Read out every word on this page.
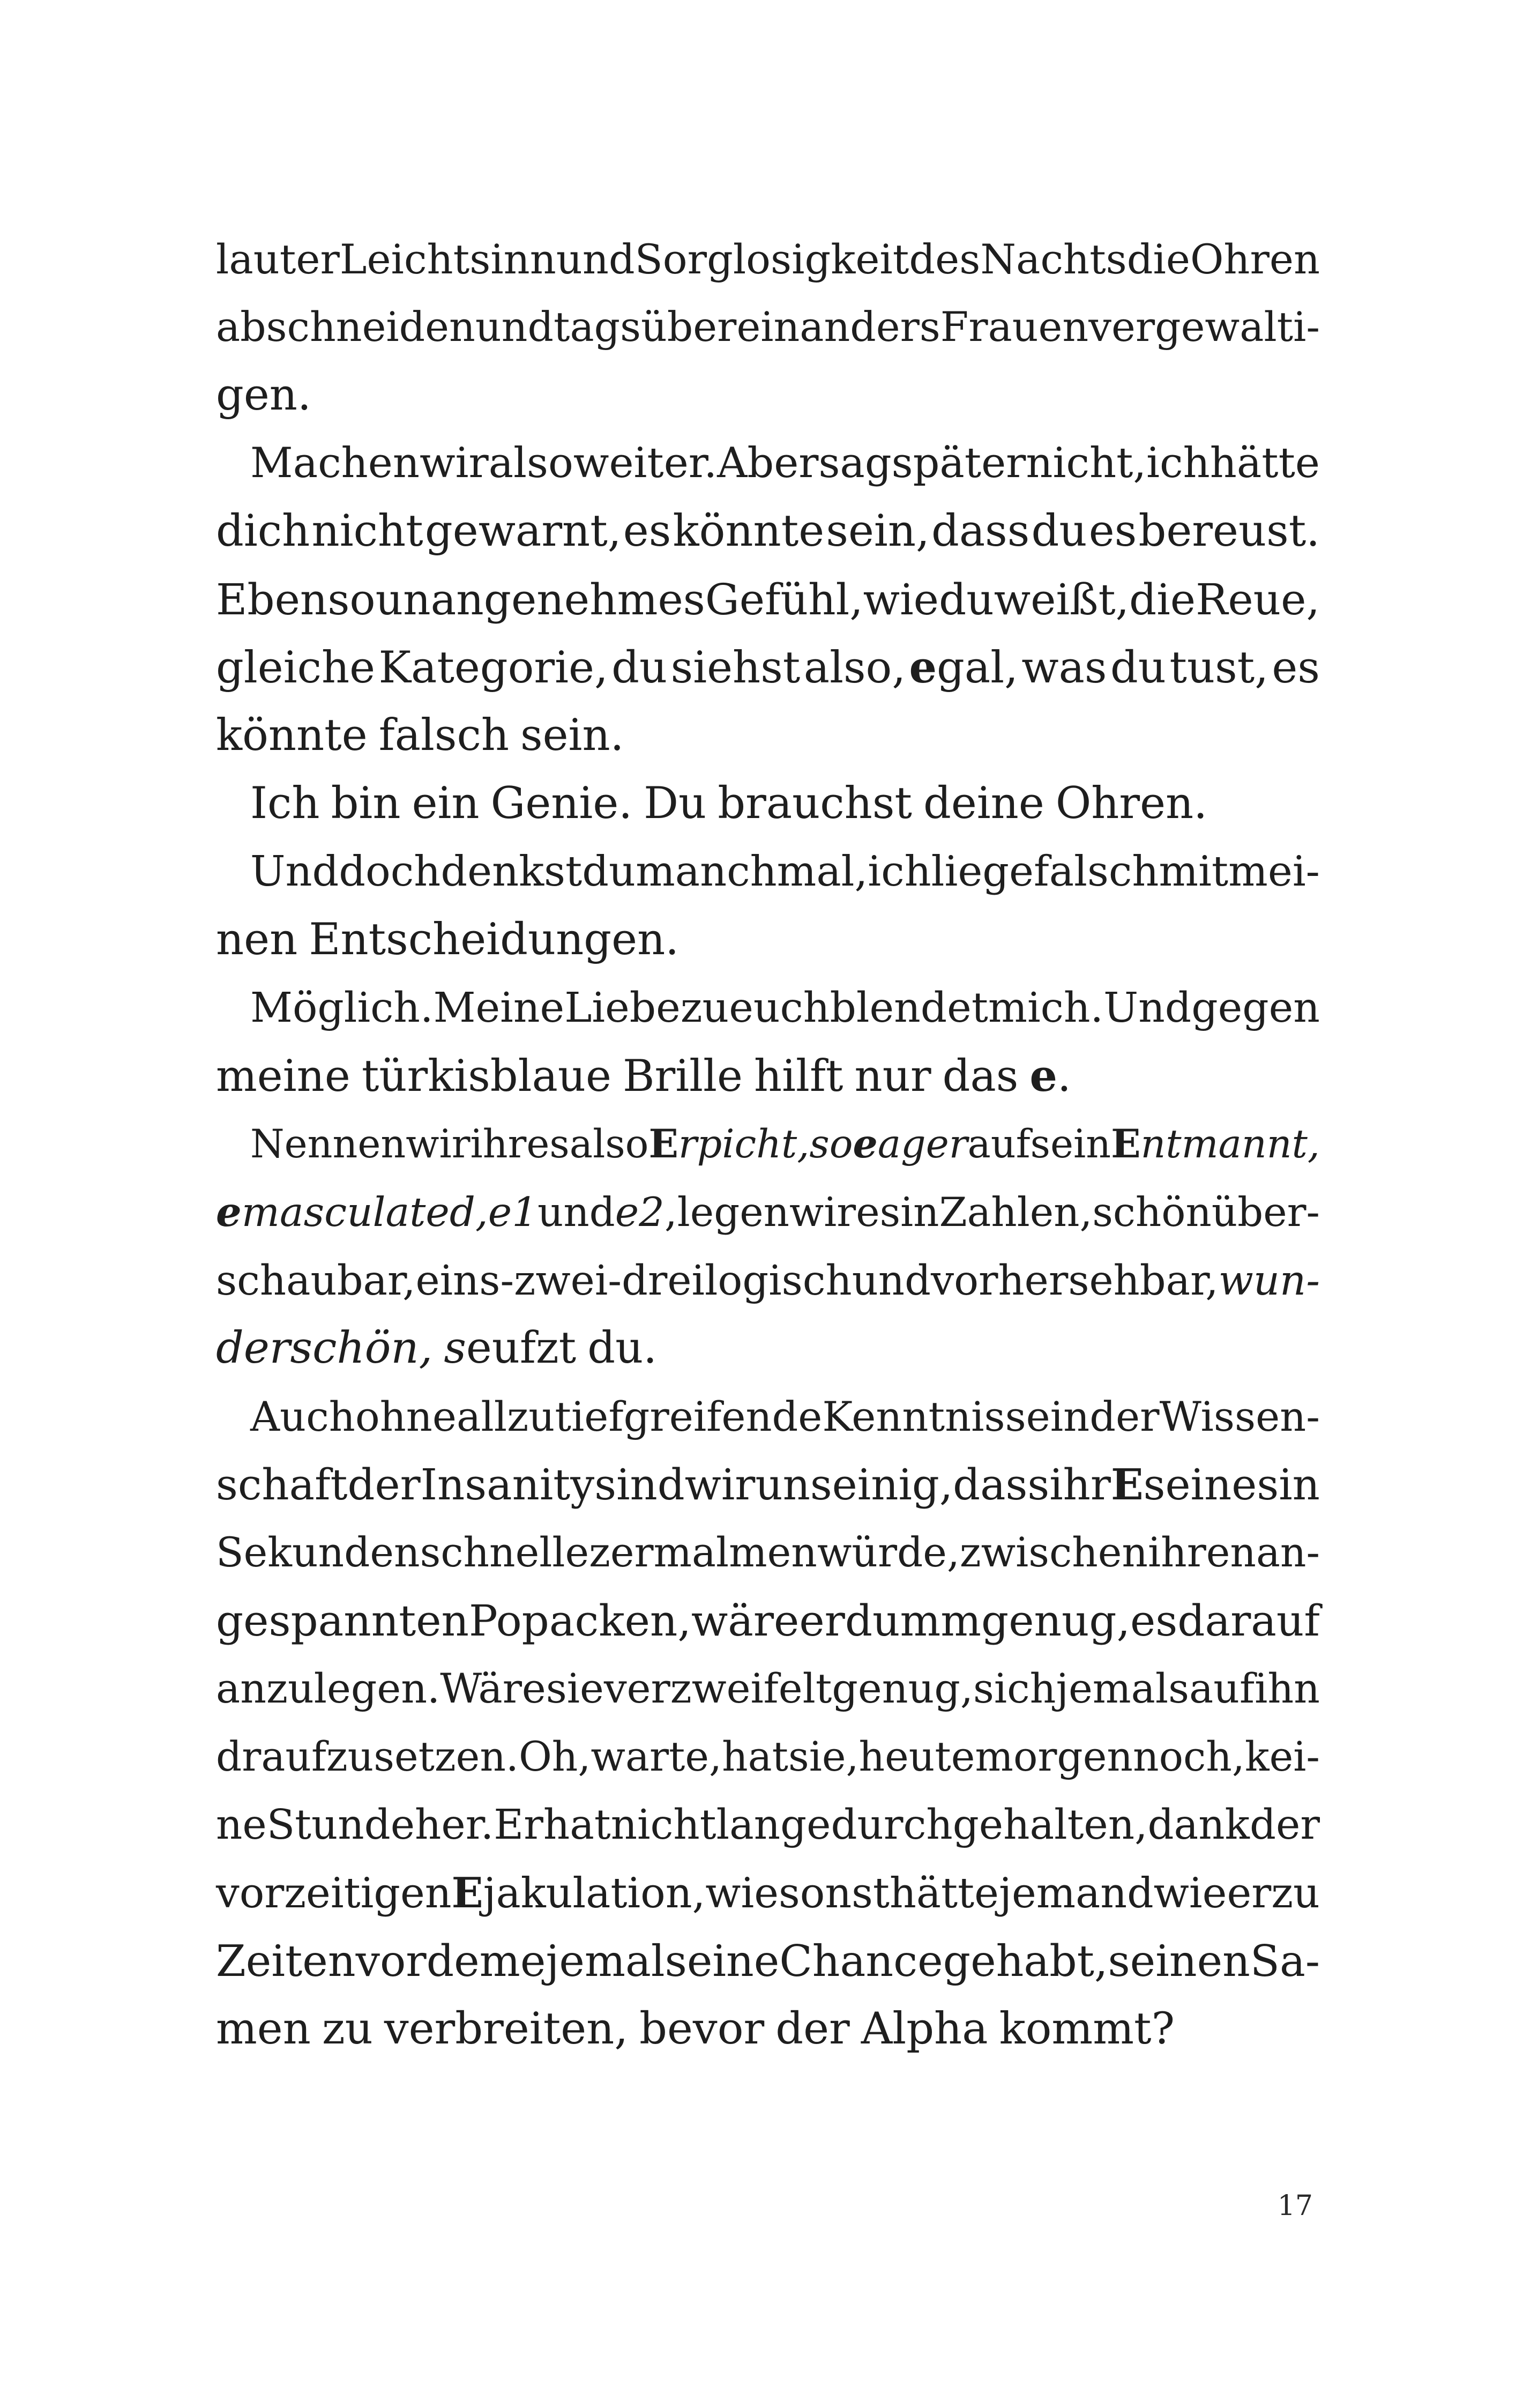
lauter Leichtsinn und Sorglosigkeit des Nachts die Ohren
abschneiden und tagsüber einanders Frauen vergewalti-
gen.
Machen wir also weiter. Aber sag später nicht, ich hätte
dich nicht gewarnt, es könnte sein, dass du es bereust.
Ebenso unangenehmes Gefühl, wie du weißt, die Reue,
gleiche Kategorie, du siehst also, egal, was du tust, es
könnte falsch sein.
Ich bin ein Genie. Du brauchst deine Ohren.
Und doch denkst du manchmal, ich liege falsch mit mei-
nen Entscheidungen.
Möglich. Meine Liebe zu euch blendet mich. Und gegen
meine türkisblaue Brille hilft nur das e.
Nennen wir ihres also Erpicht, so eager auf sein Entmannt,
emasculated, e1 und e2, legen wir es in Zahlen, schön über-
schaubar, eins-zwei-drei logisch und vorhersehbar, wun-
derschön, seufzt du.
Auch ohne allzu tiefgreifende Kenntnisse in der Wissen-
schaft der Insanity sind wir uns einig, dass ihr E seines in
Sekundenschnelle zermalmen würde, zwischen ihren an-
gespannten Popacken, wäre er dumm genug, es darauf
anzulegen. Wäre sie verzweifelt genug, sich jemals auf ihn
draufzusetzen. Oh, warte, hat sie, heute morgen noch, kei-
ne Stunde her. Er hat nicht lange durchgehalten, dank der
vorzeitigen Ejakulation, wie sonst hätte jemand wie er zu
Zeiten vor dem e jemals eine Chance gehabt, seinen Sa-
men zu verbreiten, bevor der Alpha kommt?
17
